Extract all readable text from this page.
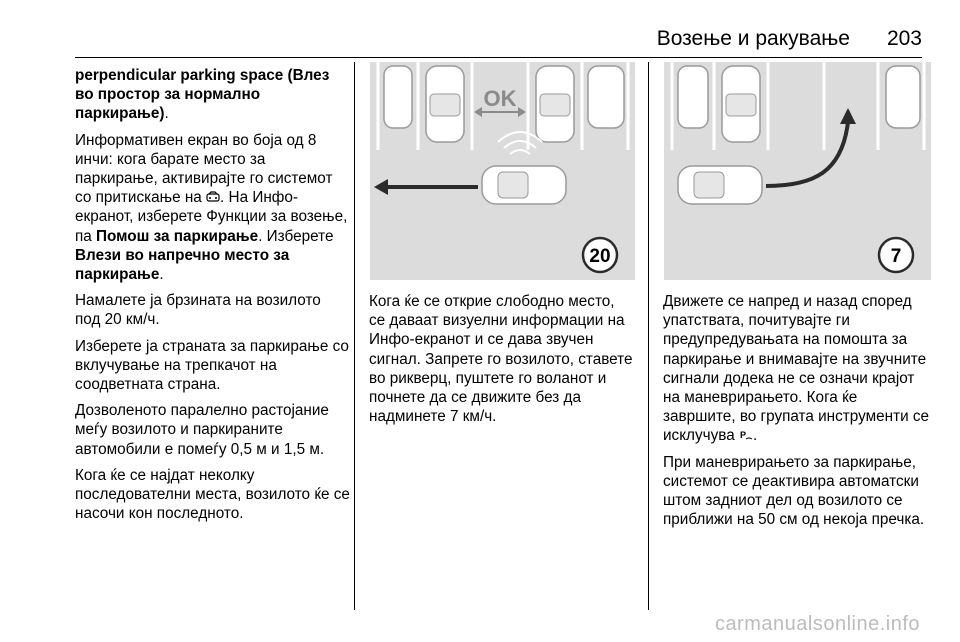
Возење и ракување 203

perpendicular parking space (Влез во простор за нормално паркирање).

Информативен екран во боја од 8 инчи: кога барате место за паркирање, активирајте го системот со притискање на . На Инфо-екранот, изберете Функции за возење, па Помош за паркирање. Изберете Влези во напречно место за паркирање.

Намалете ја брзината на возилото под 20 км/ч.

Изберете ја страната за паркирање со вклучување на трепкачот на соодветната страна.

Дозволеното паралелно растојание меѓу возилото и паркираните автомобили е помеѓу 0,5 м и 1,5 м.

Кога ќе се најдат неколку последователни места, возилото ќе се насочи кон последното.

OK
20	7

Кога ќе се открие слободно место, се даваат визуелни информации на Инфо-екранот и се дава звучен сигнал. Запрете го возилото, ставете во рикверц, пуштете го воланот и почнете да се движите без да надминете 7 км/ч.

Движете се напред и назад според упатствата, почитувајте ги предупредувањата на помошта за паркирање и внимавајте на звучните сигнали додека не се означи крајот на маневрирањето. Кога ќе завршите, во групата инструменти се исклучува P .

При маневрирањето за паркирање, системот се деактивира автоматски штом задниот дел од возилото се приближи на 50 см од некоја пречка.

carmanualsonline.info
